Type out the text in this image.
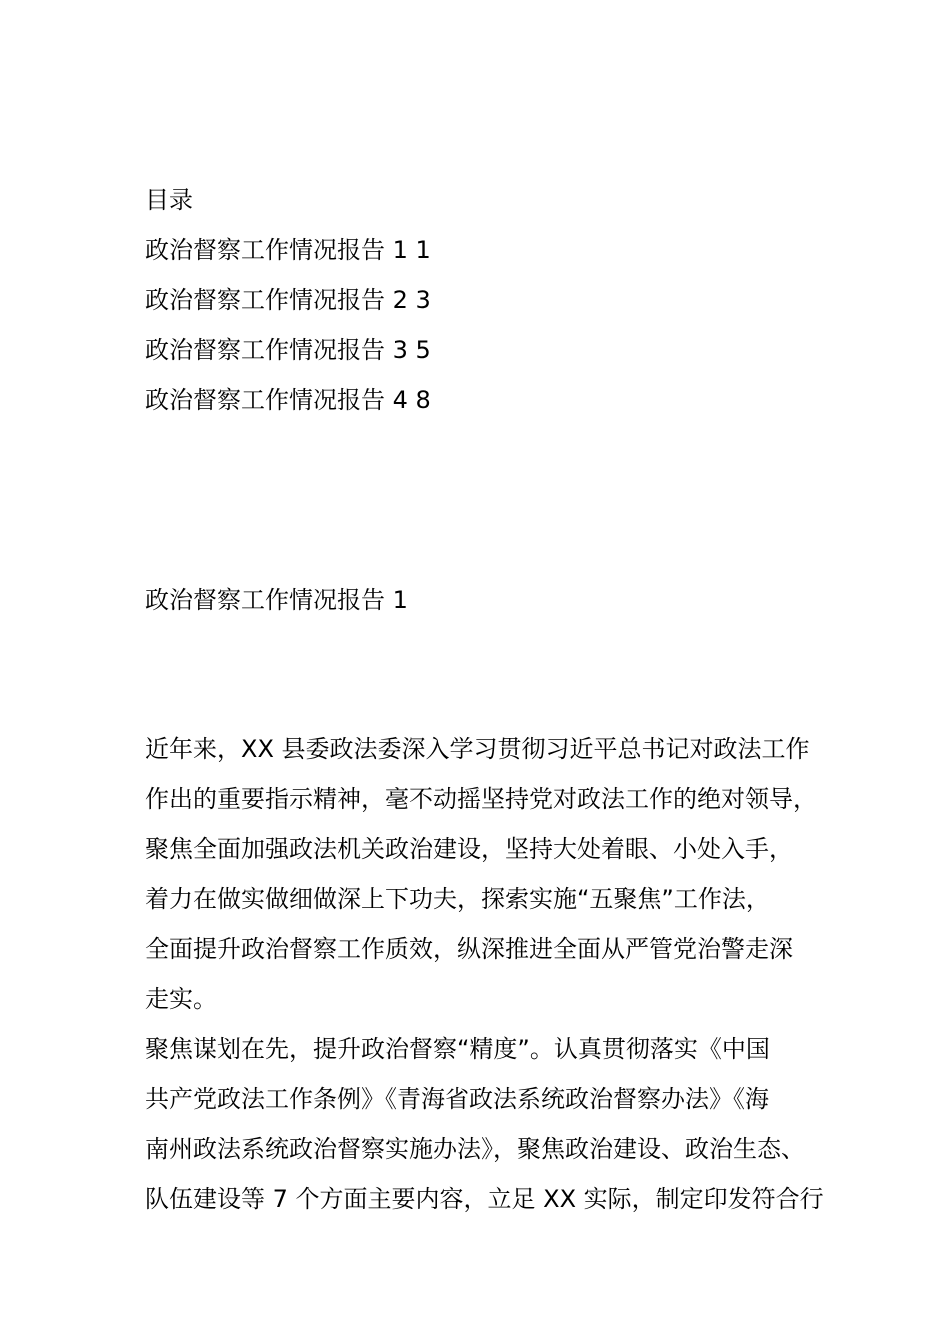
目录
政治督察工作情况报告 1 1
政治督察工作情况报告 2 3
政治督察工作情况报告 3 5
政治督察工作情况报告 4 8
政治督察工作情况报告 1
近年来，XX 县委政法委深入学习贯彻习近平总书记对政法工作
作出的重要指示精神，毫不动摇坚持党对政法工作的绝对领导，
聚焦全面加强政法机关政治建设，坚持大处着眼、小处入手，
着力在做实做细做深上下功夫，探索实施“五聚焦”工作法，
全面提升政治督察工作质效，纵深推进全面从严管党治警走深
走实。
聚焦谋划在先，提升政治督察“精度”。认真贯彻落实《中国
共产党政法工作条例》《青海省政法系统政治督察办法》《海
南州政法系统政治督察实施办法》，聚焦政治建设、政治生态、
队伍建设等 7 个方面主要内容，立足 XX 实际，制定印发符合行
